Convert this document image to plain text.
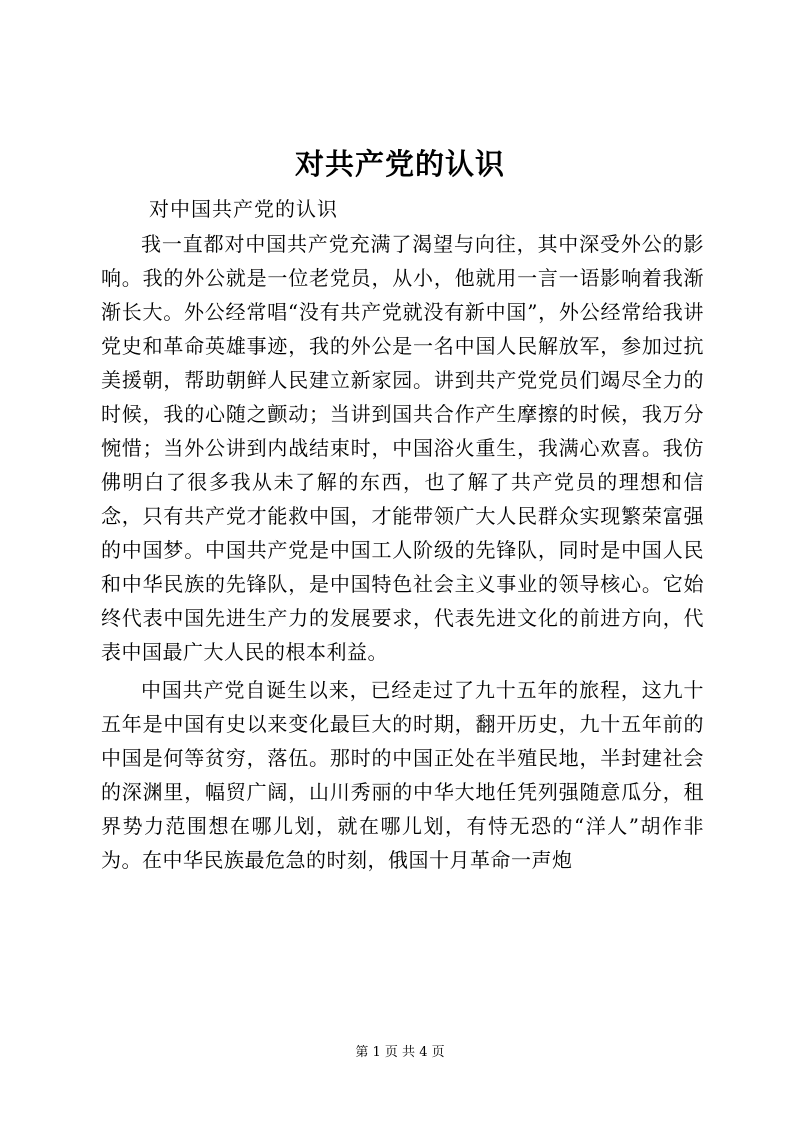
对共产党的认识

对中国共产党的认识

我一直都对中国共产党充满了渴望与向往，其中深受外公的影响。我的外公就是一位老党员，从小，他就用一言一语影响着我渐渐长大。外公经常唱“没有共产党就没有新中国”，外公经常给我讲党史和革命英雄事迹，我的外公是一名中国人民解放军，参加过抗美援朝，帮助朝鲜人民建立新家园。讲到共产党党员们竭尽全力的时候，我的心随之颤动；当讲到国共合作产生摩擦的时候，我万分惋惜；当外公讲到内战结束时，中国浴火重生，我满心欢喜。我仿佛明白了很多我从未了解的东西，也了解了共产党员的理想和信念，只有共产党才能救中国，才能带领广大人民群众实现繁荣富强的中国梦。中国共产党是中国工人阶级的先锋队，同时是中国人民和中华民族的先锋队，是中国特色社会主义事业的领导核心。它始终代表中国先进生产力的发展要求，代表先进文化的前进方向，代表中国最广大人民的根本利益。

中国共产党自诞生以来，已经走过了九十五年的旅程，这九十五年是中国有史以来变化最巨大的时期，翻开历史，九十五年前的中国是何等贫穷，落伍。那时的中国正处在半殖民地，半封建社会的深渊里，幅贸广阔，山川秀丽的中华大地任凭列强随意瓜分，租界势力范围想在哪儿划，就在哪儿划，有恃无恐的“洋人”胡作非为。在中华民族最危急的时刻，俄国十月革命一声炮

第 1 页 共 4 页
